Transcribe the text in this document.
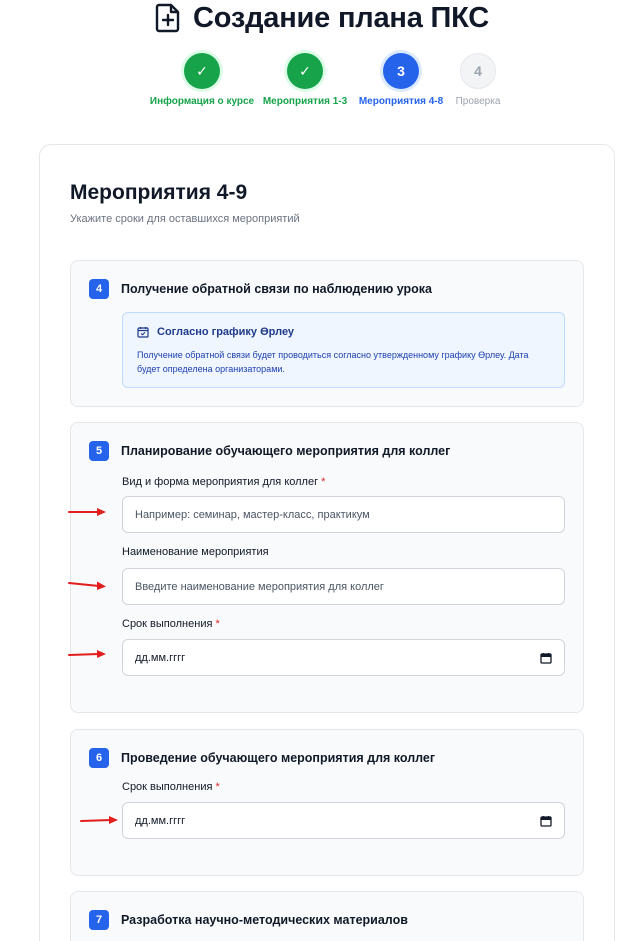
Создание плана ПКС
✓
Информация о курсе
✓
Мероприятия 1-3
3
Мероприятия 4-8
4
Проверка
Мероприятия 4-9
Укажите сроки для оставшихся мероприятий
4	Получение обратной связи по наблюдению урока
Согласно графику Өрлеу
Получение обратной связи будет проводиться согласно утвержденному графику Өрлеу. Дата будет определена организаторами.
5	Планирование обучающего мероприятия для коллег
Вид и форма мероприятия для коллег *
Например: семинар, мастер-класс, практикум
Наименование мероприятия
Введите наименование мероприятия для коллег
Срок выполнения *
дд.мм.гггг
6	Проведение обучающего мероприятия для коллег
Срок выполнения *
дд.мм.гггг
7	Разработка научно-методических материалов
